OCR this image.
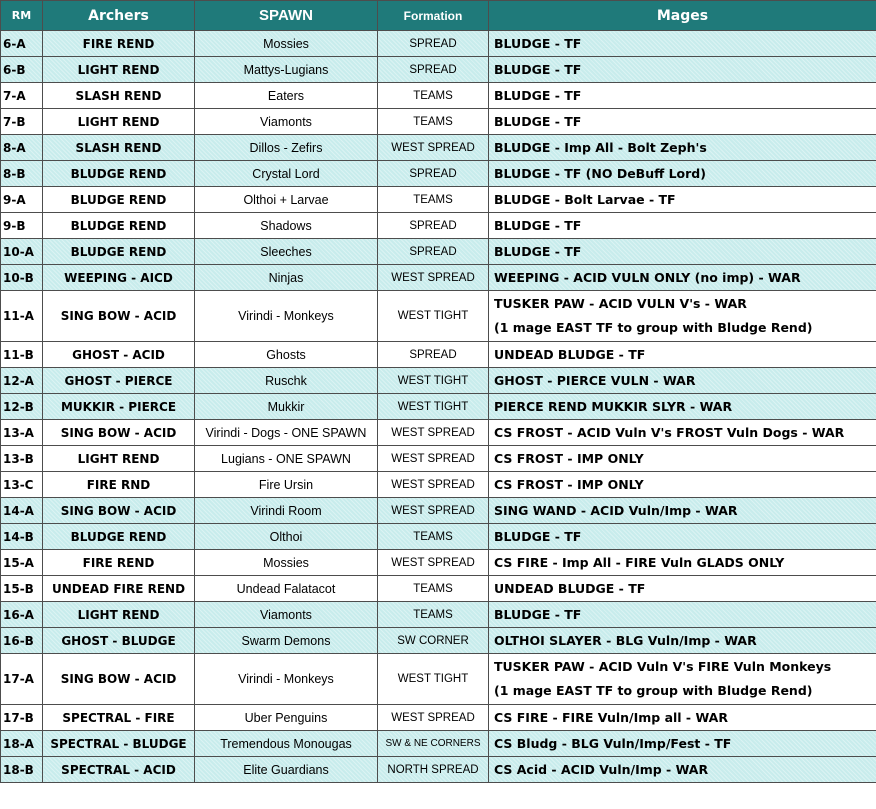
RM	Archers	SPAWN	Formation	Mages
6-A	FIRE REND	Mossies	SPREAD	BLUDGE - TF

6-B	LIGHT REND	Mattys-Lugians	SPREAD	BLUDGE - TF

7-A	SLASH REND	Eaters	TEAMS	BLUDGE - TF

7-B	LIGHT REND	Viamonts	TEAMS	BLUDGE - TF

8-A	SLASH REND	Dillos - Zefirs	WEST SPREAD	BLUDGE - Imp All - Bolt Zeph's

8-B	BLUDGE REND	Crystal Lord	SPREAD	BLUDGE - TF (NO DeBuff Lord)

9-A	BLUDGE REND	Olthoi + Larvae	TEAMS	BLUDGE - Bolt Larvae - TF

9-B	BLUDGE REND	Shadows	SPREAD	BLUDGE - TF

10-A	BLUDGE REND	Sleeches	SPREAD	BLUDGE - TF

10-B	WEEPING - AICD	Ninjas	WEST SPREAD	WEEPING - ACID VULN ONLY (no imp) - WAR

11-A	SING BOW - ACID	Virindi - Monkeys	WEST TIGHT	TUSKER PAW - ACID VULN V's - WAR
(1 mage EAST TF to group with Bludge Rend)

11-B	GHOST - ACID	Ghosts	SPREAD	UNDEAD BLUDGE - TF

12-A	GHOST - PIERCE	Ruschk	WEST TIGHT	GHOST - PIERCE VULN - WAR

12-B	MUKKIR - PIERCE	Mukkir	WEST TIGHT	PIERCE REND MUKKIR SLYR - WAR

13-A	SING BOW - ACID	Virindi - Dogs - ONE SPAWN	WEST SPREAD	CS FROST - ACID Vuln V's FROST Vuln Dogs - WAR

13-B	LIGHT REND	Lugians - ONE SPAWN	WEST SPREAD	CS FROST - IMP ONLY

13-C	FIRE RND	Fire Ursin	WEST SPREAD	CS FROST - IMP ONLY

14-A	SING BOW - ACID	Virindi Room	WEST SPREAD	SING WAND - ACID Vuln/Imp - WAR

14-B	BLUDGE REND	Olthoi	TEAMS	BLUDGE - TF

15-A	FIRE REND	Mossies	WEST SPREAD	CS FIRE - Imp All - FIRE Vuln GLADS ONLY

15-B	UNDEAD FIRE REND	Undead Falatacot	TEAMS	UNDEAD BLUDGE - TF

16-A	LIGHT REND	Viamonts	TEAMS	BLUDGE - TF

16-B	GHOST - BLUDGE	Swarm Demons	SW CORNER	OLTHOI SLAYER - BLG Vuln/Imp - WAR

17-A	SING BOW - ACID	Virindi - Monkeys	WEST TIGHT	TUSKER PAW - ACID Vuln V's FIRE Vuln Monkeys
(1 mage EAST TF to group with Bludge Rend)

17-B	SPECTRAL - FIRE	Uber Penguins	WEST SPREAD	CS FIRE - FIRE Vuln/Imp all - WAR

18-A	SPECTRAL - BLUDGE	Tremendous Monougas	SW & NE CORNERS	CS Bludg - BLG Vuln/Imp/Fest - TF

18-B	SPECTRAL - ACID	Elite Guardians	NORTH SPREAD	CS Acid - ACID Vuln/Imp - WAR
